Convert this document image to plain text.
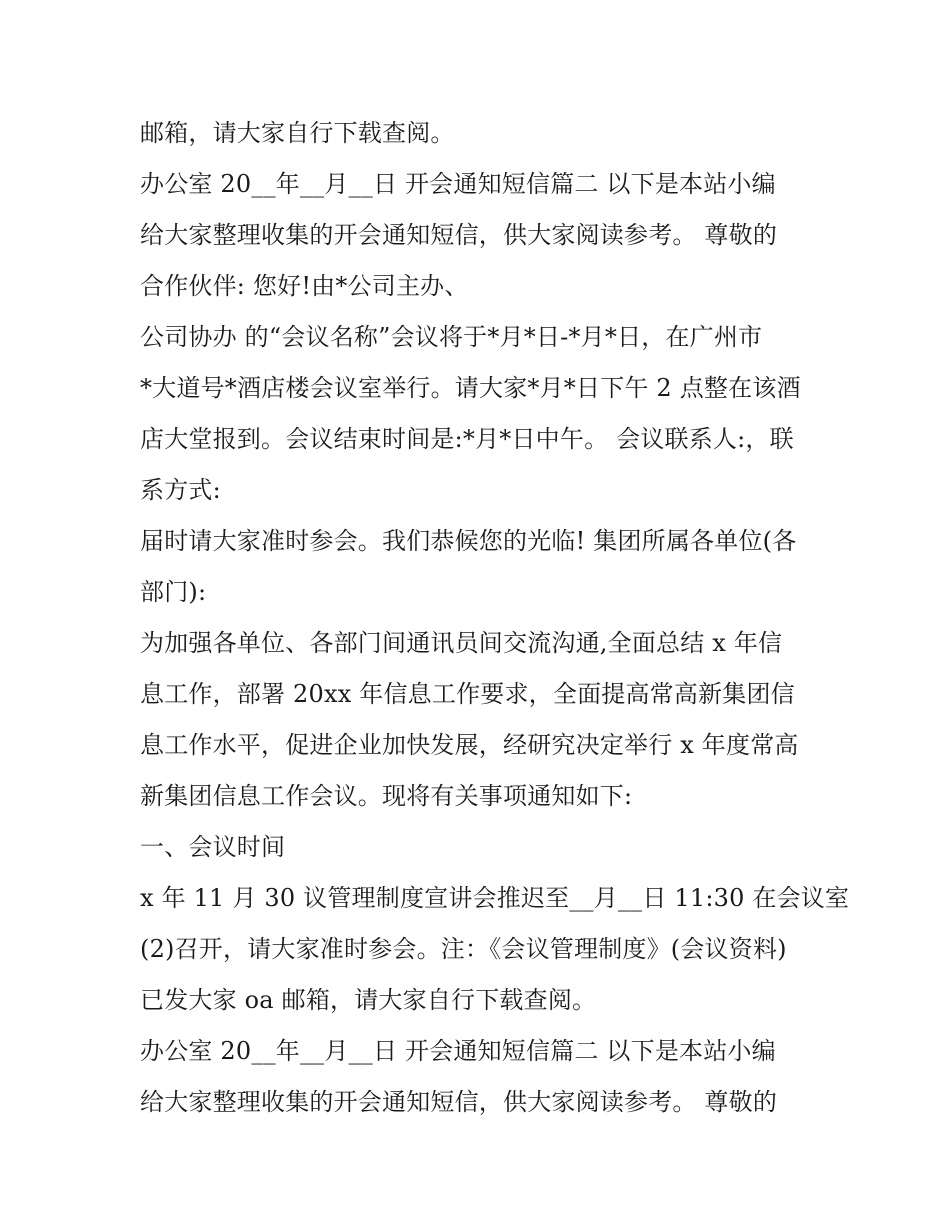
邮箱，请大家自行下载查阅。
办公室 20__年__月__日 开会通知短信篇二 以下是本站小编
给大家整理收集的开会通知短信，供大家阅读参考。 尊敬的
合作伙伴: 您好!由*公司主办、
公司协办 的“会议名称”会议将于*月*日-*月*日，在广州市
*大道号*酒店楼会议室举行。请大家*月*日下午 2 点整在该酒
店大堂报到。会议结束时间是:*月*日中午。 会议联系人:，联
系方式:
届时请大家准时参会。我们恭候您的光临! 集团所属各单位(各
部门):
为加强各单位、各部门间通讯员间交流沟通,全面总结 x 年信
息工作，部署 20xx 年信息工作要求，全面提高常高新集团信
息工作水平，促进企业加快发展，经研究决定举行 x 年度常高
新集团信息工作会议。现将有关事项通知如下:
一、会议时间
x 年 11 月 30 议管理制度宣讲会推迟至__月__日 11:30 在会议室
(2)召开，请大家准时参会。注：《会议管理制度》(会议资料)
已发大家 oa 邮箱，请大家自行下载查阅。
办公室 20__年__月__日 开会通知短信篇二 以下是本站小编
给大家整理收集的开会通知短信，供大家阅读参考。 尊敬的
